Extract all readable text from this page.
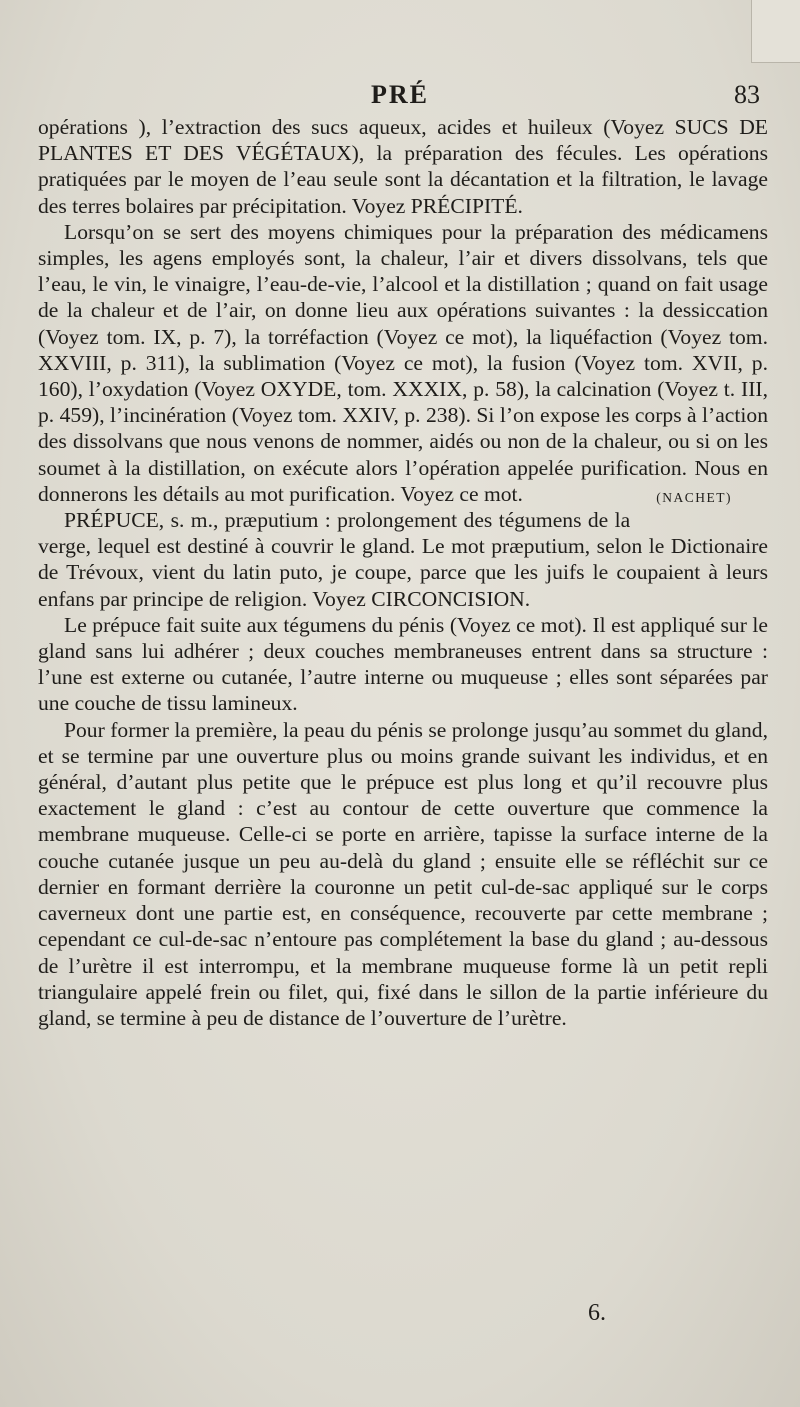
PRÉ	83

opérations ), l’extraction des sucs aqueux, acides et huileux (Voyez SUCS DE PLANTES ET DES VÉGÉTAUX), la préparation des fécules. Les opérations pratiquées par le moyen de l’eau seule sont la décantation et la filtration, le lavage des terres bolaires par précipitation. Voyez PRÉCIPITÉ.

Lorsqu’on se sert des moyens chimiques pour la préparation des médicamens simples, les agens employés sont, la chaleur, l’air et divers dissolvans, tels que l’eau, le vin, le vinaigre, l’eau-de-vie, l’alcool et la distillation ; quand on fait usage de la chaleur et de l’air, on donne lieu aux opérations suivantes : la dessiccation (Voyez tom. IX, p. 7), la torréfaction (Voyez ce mot), la liquéfaction (Voyez tom. XXVIII, p. 311), la sublimation (Voyez ce mot), la fusion (Voyez tom. XVII, p. 160), l’oxydation (Voyez OXYDE, tom. XXXIX, p. 58), la calcination (Voyez t. III, p. 459), l’incinération (Voyez tom. XXIV, p. 238). Si l’on expose les corps à l’action des dissolvans que nous venons de nommer, aidés ou non de la chaleur, ou si on les soumet à la distillation, on exécute alors l’opération appelée purification. Nous en donnerons les détails au mot purification. Voyez ce mot.	(NACHET)

PRÉPUCE, s. m., præputium : prolongement des tégumens de la verge, lequel est destiné à couvrir le gland. Le mot præputium, selon le Dictionaire de Trévoux, vient du latin puto, je coupe, parce que les juifs le coupaient à leurs enfans par principe de religion. Voyez CIRCONCISION.

Le prépuce fait suite aux tégumens du pénis (Voyez ce mot). Il est appliqué sur le gland sans lui adhérer ; deux couches membraneuses entrent dans sa structure : l’une est externe ou cutanée, l’autre interne ou muqueuse ; elles sont séparées par une couche de tissu lamineux.

Pour former la première, la peau du pénis se prolonge jusqu’au sommet du gland, et se termine par une ouverture plus ou moins grande suivant les individus, et en général, d’autant plus petite que le prépuce est plus long et qu’il recouvre plus exactement le gland : c’est au contour de cette ouverture que commence la membrane muqueuse. Celle-ci se porte en arrière, tapisse la surface interne de la couche cutanée jusque un peu au-delà du gland ; ensuite elle se réfléchit sur ce dernier en formant derrière la couronne un petit cul-de-sac appliqué sur le corps caverneux dont une partie est, en conséquence, recouverte par cette membrane ; cependant ce cul-de-sac n’entoure pas complétement la base du gland ; au-dessous de l’urètre il est interrompu, et la membrane muqueuse forme là un petit repli triangulaire appelé frein ou filet, qui, fixé dans le sillon de la partie inférieure du gland, se termine à peu de distance de l’ouverture de l’urètre.

6.
